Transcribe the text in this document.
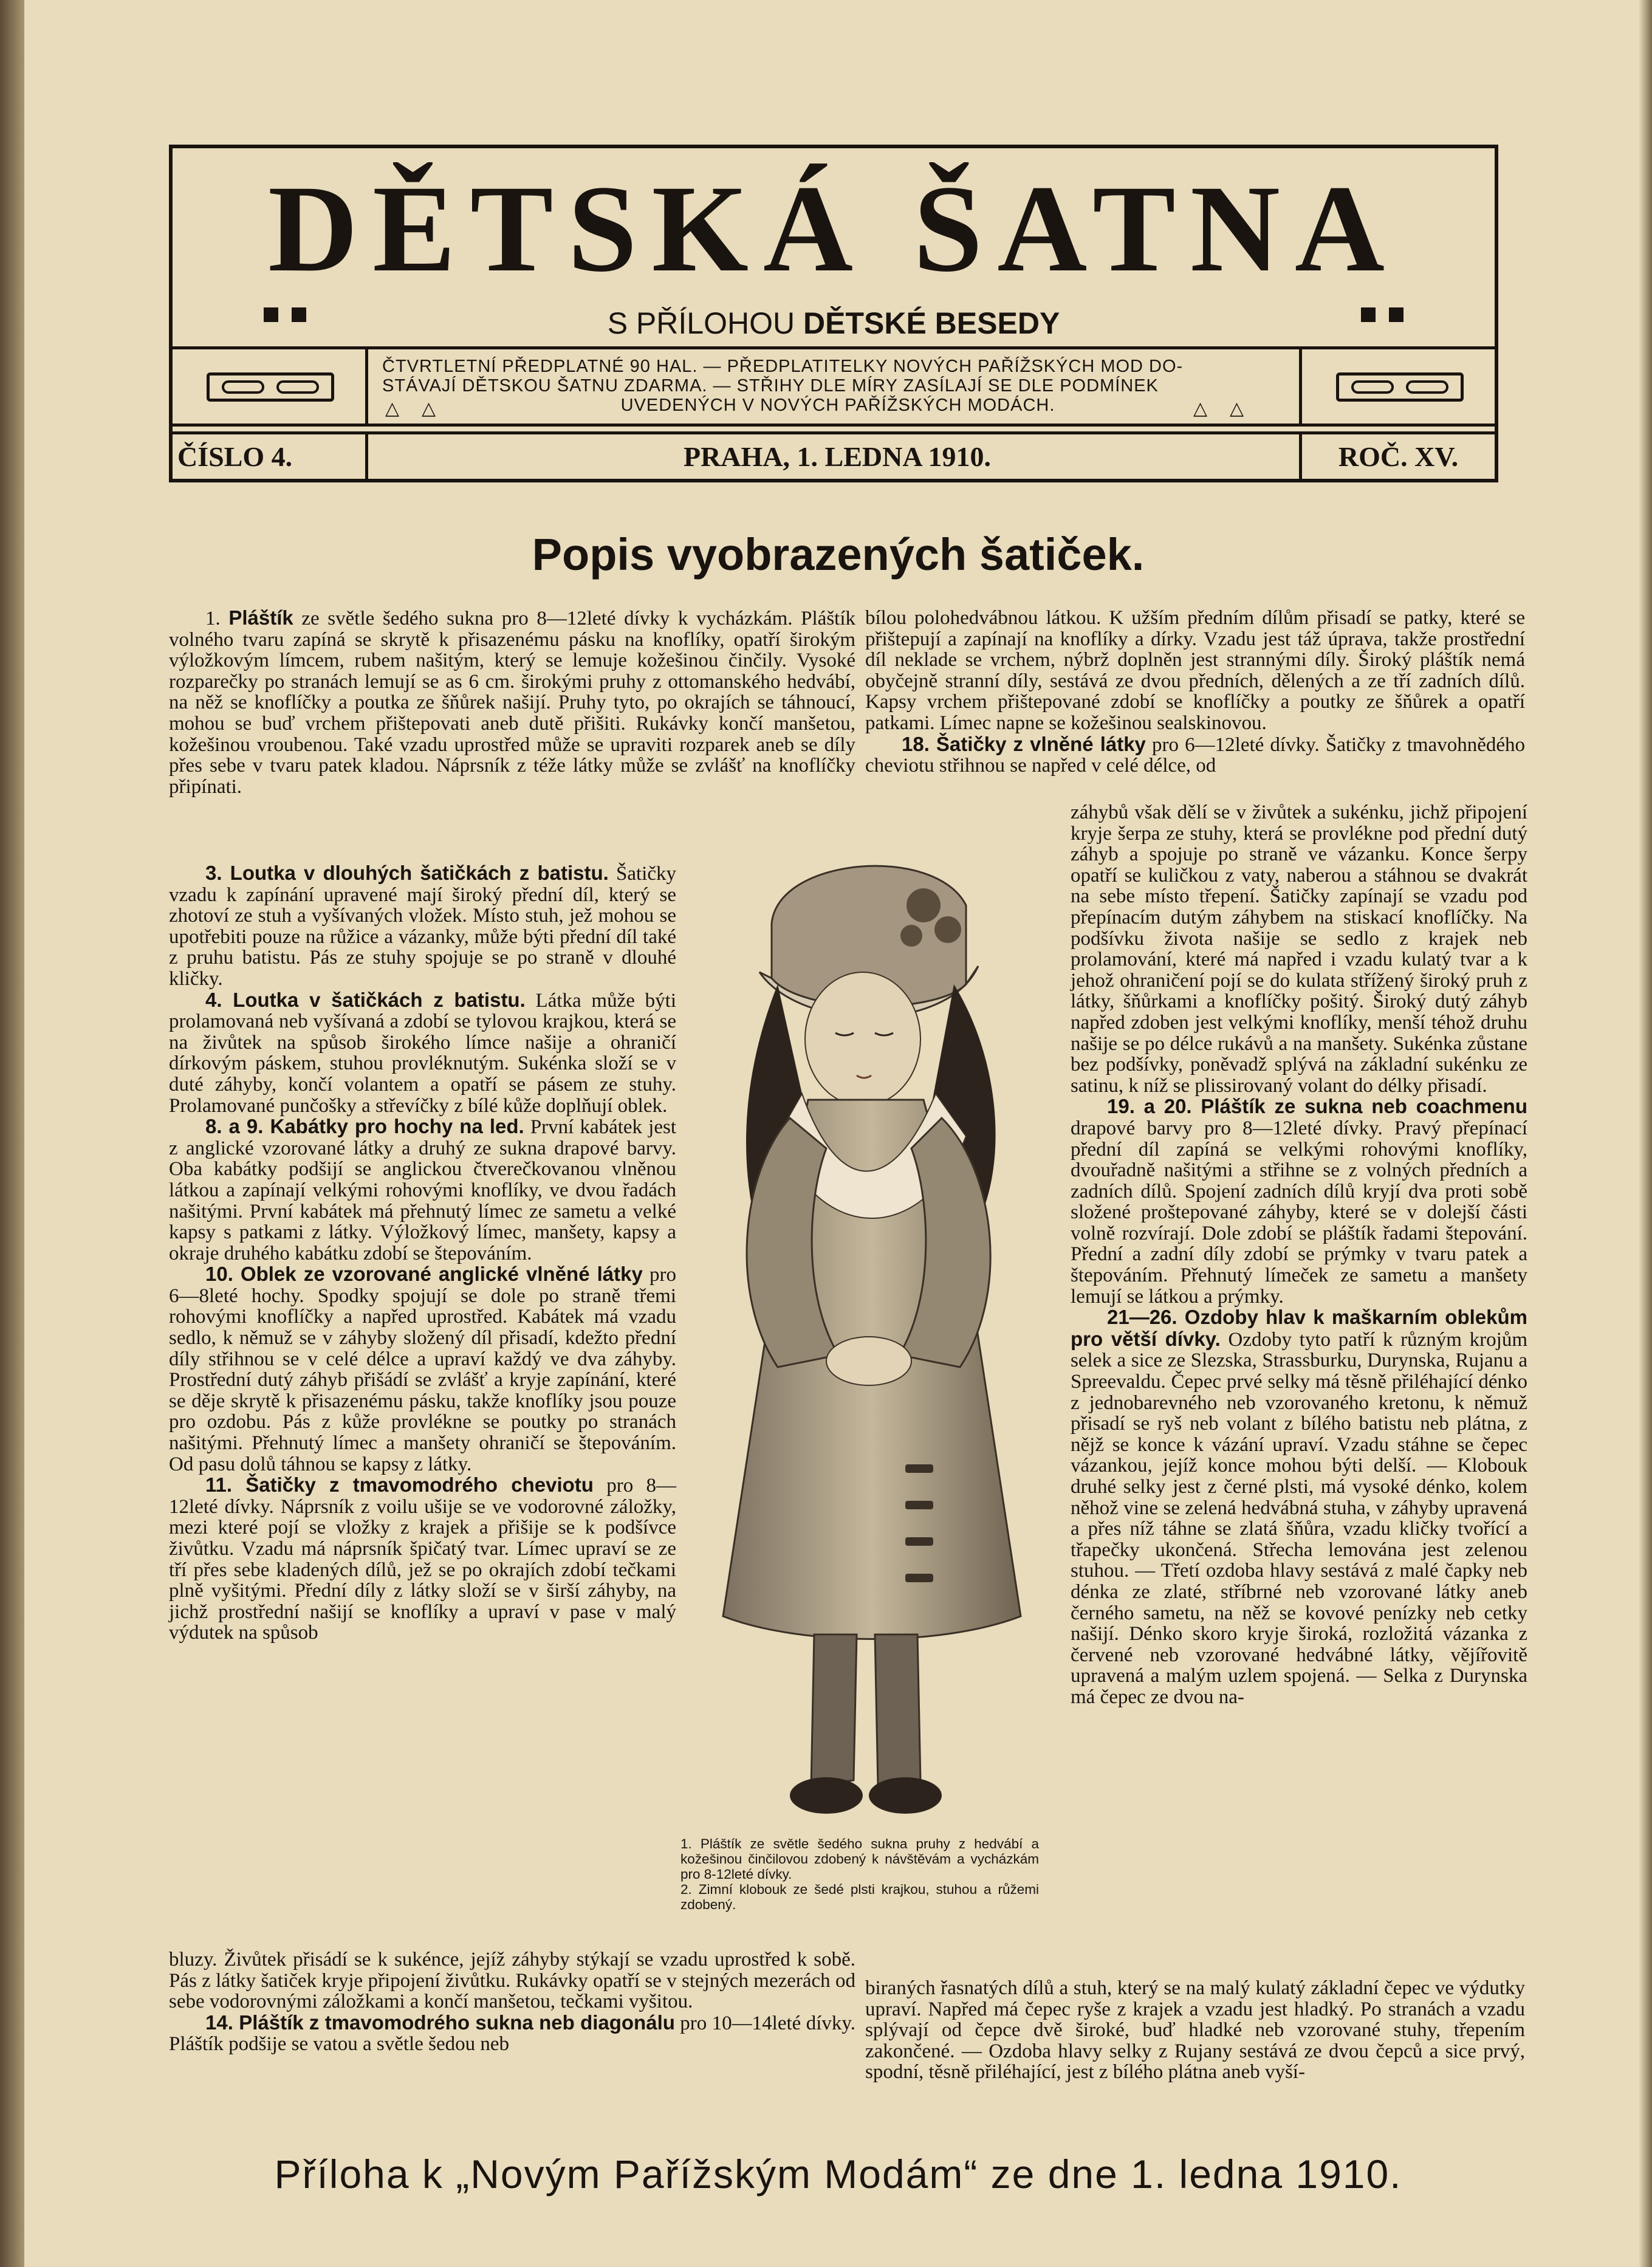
DĚTSKÁ ŠATNA
S PŘÍLOHOU DĚTSKÉ BESEDY
ČTVRTLETNÍ PŘEDPLATNÉ 90 HAL. — PŘEDPLATITELKY NOVÝCH PAŘÍŽSKÝCH MOD DO-
STÁVAJÍ DĚTSKOU ŠATNU ZDARMA. — STŘIHY DLE MÍRY ZASÍLAJÍ SE DLE PODMÍNEK

UVEDENÝCH V NOVÝCH PAŘÍŽSKÝCH MODÁCH.
△ △	△ △
ČÍSLO 4.	PRAHA, 1. LEDNA 1910.	ROČ. XV.
Popis vyobrazených šatiček.

1. Pláštík ze světle šedého sukna pro 8—12leté dívky k vycházkám. Pláštík volného tvaru zapíná se skrytě k přisazenému pásku na knoflíky, opatří širokým výložkovým límcem, rubem našitým, který se lemuje kožešinou činčily. Vysoké rozparečky po stranách lemují se as 6 cm. širokými pruhy z ottomanského hedvábí, na něž se knoflíčky a poutka ze šňůrek našijí. Pruhy tyto, po okrajích se táhnoucí, mohou se buď vrchem přištepovati aneb dutě přišiti. Rukávky končí manšetou, kožešinou vroubenou. Také vzadu uprostřed může se upraviti rozparek aneb se díly přes sebe v tvaru patek kladou. Náprsník z téže látky může se zvlášť na knoflíčky připínati.

3. Loutka v dlouhých šatičkách z batistu. Šatičky vzadu k zapínání upravené mají široký přední díl, který se zhotoví ze stuh a vyšívaných vložek. Místo stuh, jež mohou se upotřebiti pouze na růžice a vázanky, může býti přední díl také z pruhu batistu. Pás ze stuhy spojuje se po straně v dlouhé kličky.

4. Loutka v šatičkách z batistu. Látka může býti prolamovaná neb vyšívaná a zdobí se tylovou krajkou, která se na živůtek na spůsob širokého límce našije a ohraničí dírkovým páskem, stuhou provléknutým. Sukénka složí se v duté záhyby, končí volantem a opatří se pásem ze stuhy. Prolamované punčošky a střevíčky z bílé kůže doplňují oblek.

8. a 9. Kabátky pro hochy na led. První kabátek jest z anglické vzorované látky a druhý ze sukna drapové barvy. Oba kabátky podšijí se anglickou čtverečkovanou vlněnou látkou a zapínají velkými rohovými knoflíky, ve dvou řadách našitými. První kabátek má přehnutý límec ze sametu a velké kapsy s patkami z látky. Výložkový límec, manšety, kapsy a okraje druhého kabátku zdobí se štepováním.

10. Oblek ze vzorované anglické vlněné látky pro 6—8leté hochy. Spodky spojují se dole po straně třemi rohovými knoflíčky a napřed uprostřed. Kabátek má vzadu sedlo, k němuž se v záhyby složený díl přisadí, kdežto přední díly střihnou se v celé délce a upraví každý ve dva záhyby. Prostřední dutý záhyb přišádí se zvlášť a kryje zapínání, které se děje skrytě k přisazenému pásku, takže knoflíky jsou pouze pro ozdobu. Pás z kůže provlékne se poutky po stranách našitými. Přehnutý límec a manšety ohraničí se štepováním. Od pasu dolů táhnou se kapsy z látky.

11. Šatičky z tmavomodrého cheviotu pro 8—12leté dívky. Náprsník z voilu ušije se ve vodorovné záložky, mezi které pojí se vložky z krajek a přišije se k podšívce živůtku. Vzadu má náprsník špičatý tvar. Límec upraví se ze tří přes sebe kladených dílů, jež se po okrajích zdobí tečkami plně vyšitými. Přední díly z látky složí se v širší záhyby, na jichž prostřední našijí se knoflíky a upraví v pase v malý výdutek na spůsob

bluzy. Živůtek přisádí se k sukénce, jejíž záhyby stýkají se vzadu uprostřed k sobě. Pás z látky šatiček kryje připojení živůtku. Rukávky opatří se v stejných mezerách od sebe vodorovnými záložkami a končí manšetou, tečkami vyšitou.

14. Pláštík z tmavomodrého sukna neb diagonálu pro 10—14leté dívky. Pláštík podšije se vatou a světle šedou neb

bílou polohedvábnou látkou. K užším předním dílům přisadí se patky, které se přištepují a zapínají na knoflíky a dírky. Vzadu jest táž úprava, takže prostřední díl neklade se vrchem, nýbrž doplněn jest strannými díly. Široký pláštík nemá obyčejně stranní díly, sestává ze dvou předních, dělených a ze tří zadních dílů. Kapsy vrchem přištepované zdobí se knoflíčky a poutky ze šňůrek a opatří patkami. Límec napne se kožešinou sealskinovou.

18. Šatičky z vlněné látky pro 6—12leté dívky. Šatičky z tmavohnědého cheviotu střihnou se napřed v celé délce, od

záhybů však dělí se v živůtek a sukénku, jichž připojení kryje šerpa ze stuhy, která se provlékne pod přední dutý záhyb a spojuje po straně ve vázanku. Konce šerpy opatří se kuličkou z vaty, naberou a stáhnou se dvakrát na sebe místo třepení. Šatičky zapínají se vzadu pod přepínacím dutým záhybem na stiskací knoflíčky. Na podšívku života našije se sedlo z krajek neb prolamování, které má napřed i vzadu kulatý tvar a k jehož ohraničení pojí se do kulata střížený široký pruh z látky, šňůrkami a knoflíčky pošitý. Široký dutý záhyb napřed zdoben jest velkými knoflíky, menší téhož druhu našije se po délce rukávů a na manšety. Sukénka zůstane bez podšívky, poněvadž splývá na základní sukénku ze satinu, k níž se plissirovaný volant do délky přisadí.

19. a 20. Pláštík ze sukna neb coachmenu drapové barvy pro 8—12leté dívky. Pravý přepínací přední díl zapíná se velkými rohovými knoflíky, dvouřadně našitými a střihne se z volných předních a zadních dílů. Spojení zadních dílů kryjí dva proti sobě složené proštepované záhyby, které se v dolejší části volně rozvírají. Dole zdobí se pláštík řadami štepování. Přední a zadní díly zdobí se prýmky v tvaru patek a štepováním. Přehnutý límeček ze sametu a manšety lemují se látkou a prýmky.

21—26. Ozdoby hlav k maškarním oblekům pro větší dívky. Ozdoby tyto patří k různým krojům selek a sice ze Slezska, Strassburku, Durynska, Rujanu a Spreevaldu. Čepec prvé selky má těsně přiléhající dénko z jednobarevného neb vzorovaného kretonu, k němuž přisadí se ryš neb volant z bílého batistu neb plátna, z nějž se konce k vázání upraví. Vzadu stáhne se čepec vázankou, jejíž konce mohou býti delší. — Klobouk druhé selky jest z černé plsti, má vysoké dénko, kolem něhož vine se zelená hedvábná stuha, v záhyby upravená a přes níž táhne se zlatá šňůra, vzadu kličky tvořící a třapečky ukončená. Střecha lemována jest zelenou stuhou. — Třetí ozdoba hlavy sestává z malé čapky neb dénka ze zlaté, stříbrné neb vzorované látky aneb černého sametu, na něž se kovové penízky neb cetky našijí. Dénko skoro kryje široká, rozložitá vázanka z červené neb vzorované hedvábné látky, vějířovitě upravená a malým uzlem spojená. — Selka z Durynska má čepec ze dvou na-

biraných řasnatých dílů a stuh, který se na malý kulatý základní čepec ve výdutky upraví. Napřed má čepec ryše z krajek a vzadu jest hladký. Po stranách a vzadu splývají od čepce dvě široké, buď hladké neb vzorované stuhy, třepením zakončené. — Ozdoba hlavy selky z Rujany sestává ze dvou čepců a sice prvý, spodní, těsně přiléhající, jest z bílého plátna aneb vyší-

1. Pláštík ze světle šedého sukna pruhy z hedvábí a kožešinou činčilovou zdobený k návštěvám a vycházkám pro 8-12leté dívky.

2. Zimní klobouk ze šedé plsti krajkou, stuhou a růžemi zdobený.

Příloha k „Novým Pařížským Modám“ ze dne 1. ledna 1910.
